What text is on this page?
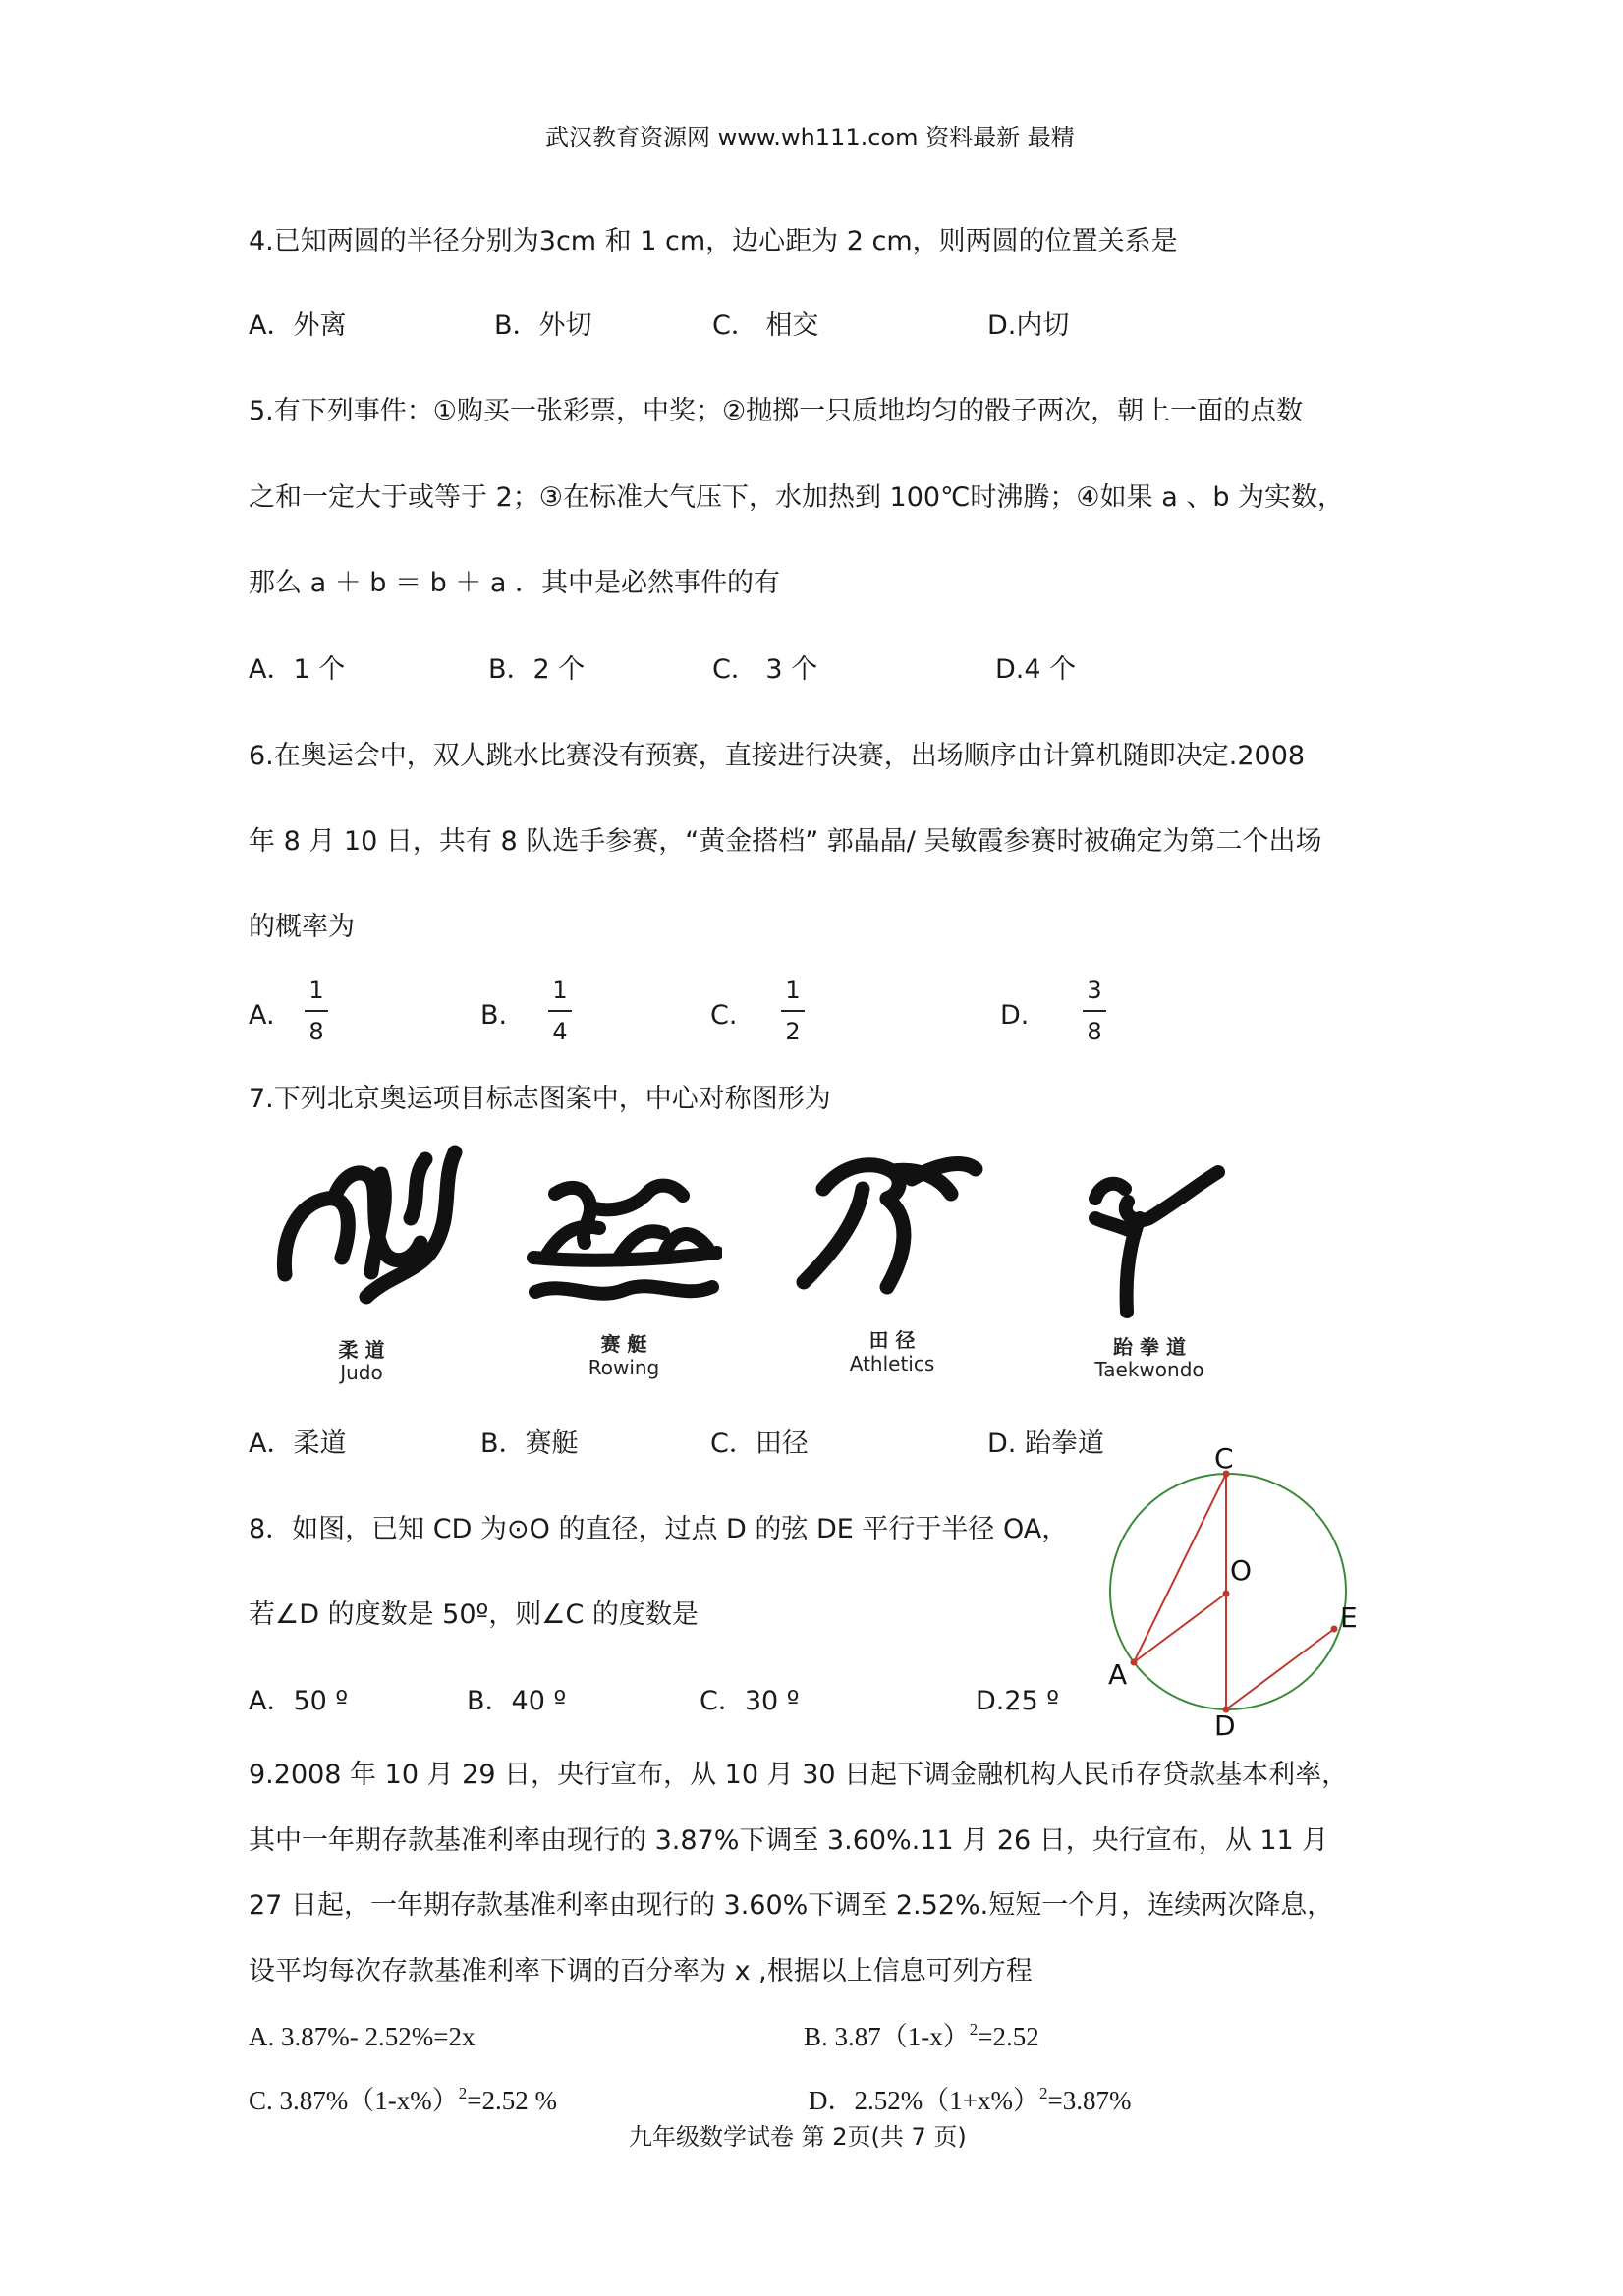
武汉教育资源网 www.wh111.com 资料最新 最精
4.已知两圆的半径分别为3cm 和 1 cm，边心距为 2 cm，则两圆的位置关系是
A．外离	B．外切	C． 相交	D.内切
5.有下列事件：①购买一张彩票，中奖；②抛掷一只质地均匀的骰子两次，朝上一面的点数
之和一定大于或等于 2；③在标准大气压下，水加热到 100℃时沸腾；④如果 a 、b 为实数，
那么 a ＋ b ＝ b ＋ a ．其中是必然事件的有
A．1 个	B．2 个	C． 3 个	D.4 个
6.在奥运会中，双人跳水比赛没有预赛，直接进行决赛，出场顺序由计算机随即决定.2008
年 8 月 10 日，共有 8 队选手参赛，“黄金搭档” 郭晶晶/ 吴敏霞参赛时被确定为第二个出场
的概率为
A.
1
8
B.
1
4
C.
1
2
D.
3
8
7.下列北京奥运项目标志图案中，中心对称图形为
柔 道
Judo
赛 艇
Rowing
田 径
Athletics
跆 拳 道
Taekwondo
A．柔道	B．赛艇	C．田径	D. 跆拳道
8．如图，已知 CD 为⊙O 的直径，过点 D 的弦 DE 平行于半径 OA，
若∠D 的度数是 50º，则∠C 的度数是
A．50 º	B．40 º	C．30 º	D.25 º
C
O
E
A
D
9.2008 年 10 月 29 日，央行宣布，从 10 月 30 日起下调金融机构人民币存贷款基本利率，
其中一年期存款基准利率由现行的 3.87%下调至 3.60%.11 月 26 日，央行宣布，从 11 月
27 日起，一年期存款基准利率由现行的 3.60%下调至 2.52%.短短一个月，连续两次降息，
设平均每次存款基准利率下调的百分率为 x ,根据以上信息可列方程
A. 3.87%- 2.52%=2x	B. $3.87(1-x)^2=2.52$
C. $3.87\%(1-x\%)^2=2.52$ %	D．$2.52\%(1+x\%)^2=3.87\%$
九年级数学试卷 第 2页(共 7 页)
